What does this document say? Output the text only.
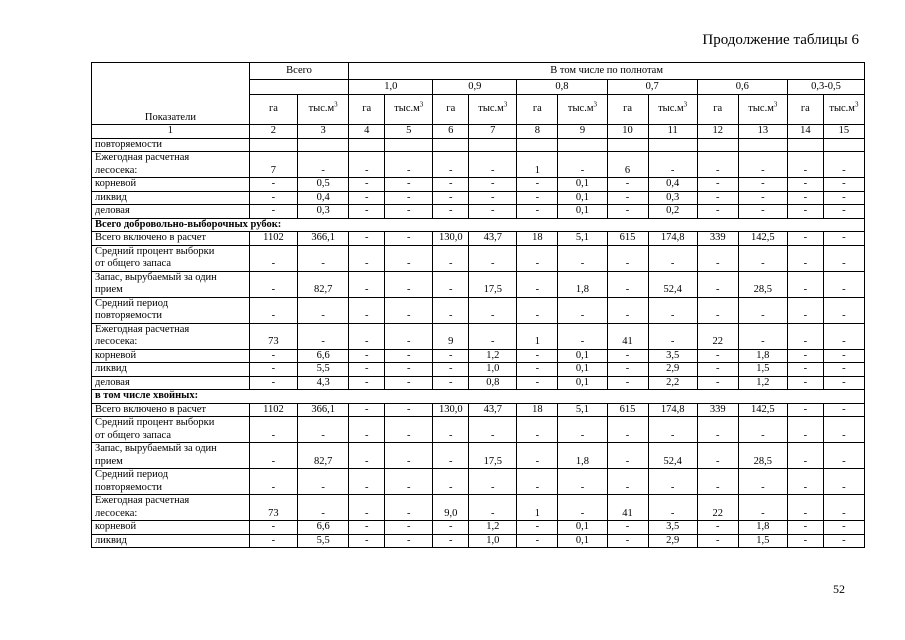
Продолжение таблицы 6
Показатели	Всего		В том числе по полнотам											
			1,0		0,9		0,8		0,7		0,6		0,3-0,5	
	га	$тыс.м^3$	га	$тыс.м^3$	га	$тыс.м^3$	га	$тыс.м^3$	га	$тыс.м^3$	га	$тыс.м^3$	га	$тыс.м^3$
1	2	3	4	5	6	7	8	9	10	11	12	13	14	15

повторяемости														

Ежегодная расчетная
лесосека:	7	-	-	-	-	-	1	-	6	-	-	-	-	-

корневой	-	0,5	-	-	-	-	-	0,1	-	0,4	-	-	-	-

ликвид	-	0,4	-	-	-	-	-	0,1	-	0,3	-	-	-	-

деловая	-	0,3	-	-	-	-	-	0,1	-	0,2	-	-	-	-
Всего добровольно-выборочных рубок:														

Всего включено в расчет	1102	366,1	-	-	130,0	43,7	18	5,1	615	174,8	339	142,5	-	-

Средний процент выборки
от общего запаса	-	-	-	-	-	-	-	-	-	-	-	-	-	-

Запас, вырубаемый за один
прием	-	82,7	-	-	-	17,5	-	1,8	-	52,4	-	28,5	-	-

Средний период
повторяемости	-	-	-	-	-	-	-	-	-	-	-	-	-	-

Ежегодная расчетная
лесосека:	73	-	-	-	9	-	1	-	41	-	22	-	-	-

корневой	-	6,6	-	-	-	1,2	-	0,1	-	3,5	-	1,8	-	-

ликвид	-	5,5	-	-	-	1,0	-	0,1	-	2,9	-	1,5	-	-

деловая	-	4,3	-	-	-	0,8	-	0,1	-	2,2	-	1,2	-	-
в том числе хвойных:														

Всего включено в расчет	1102	366,1	-	-	130,0	43,7	18	5,1	615	174,8	339	142,5	-	-

Средний процент выборки
от общего запаса	-	-	-	-	-	-	-	-	-	-	-	-	-	-

Запас, вырубаемый за один
прием	-	82,7	-	-	-	17,5	-	1,8	-	52,4	-	28,5	-	-

Средний период
повторяемости	-	-	-	-	-	-	-	-	-	-	-	-	-	-

Ежегодная расчетная
лесосека:	73	-	-	-	9,0	-	1	-	41	-	22	-	-	-

корневой	-	6,6	-	-	-	1,2	-	0,1	-	3,5	-	1,8	-	-

ликвид	-	5,5	-	-	-	1,0	-	0,1	-	2,9	-	1,5	-	-
52
